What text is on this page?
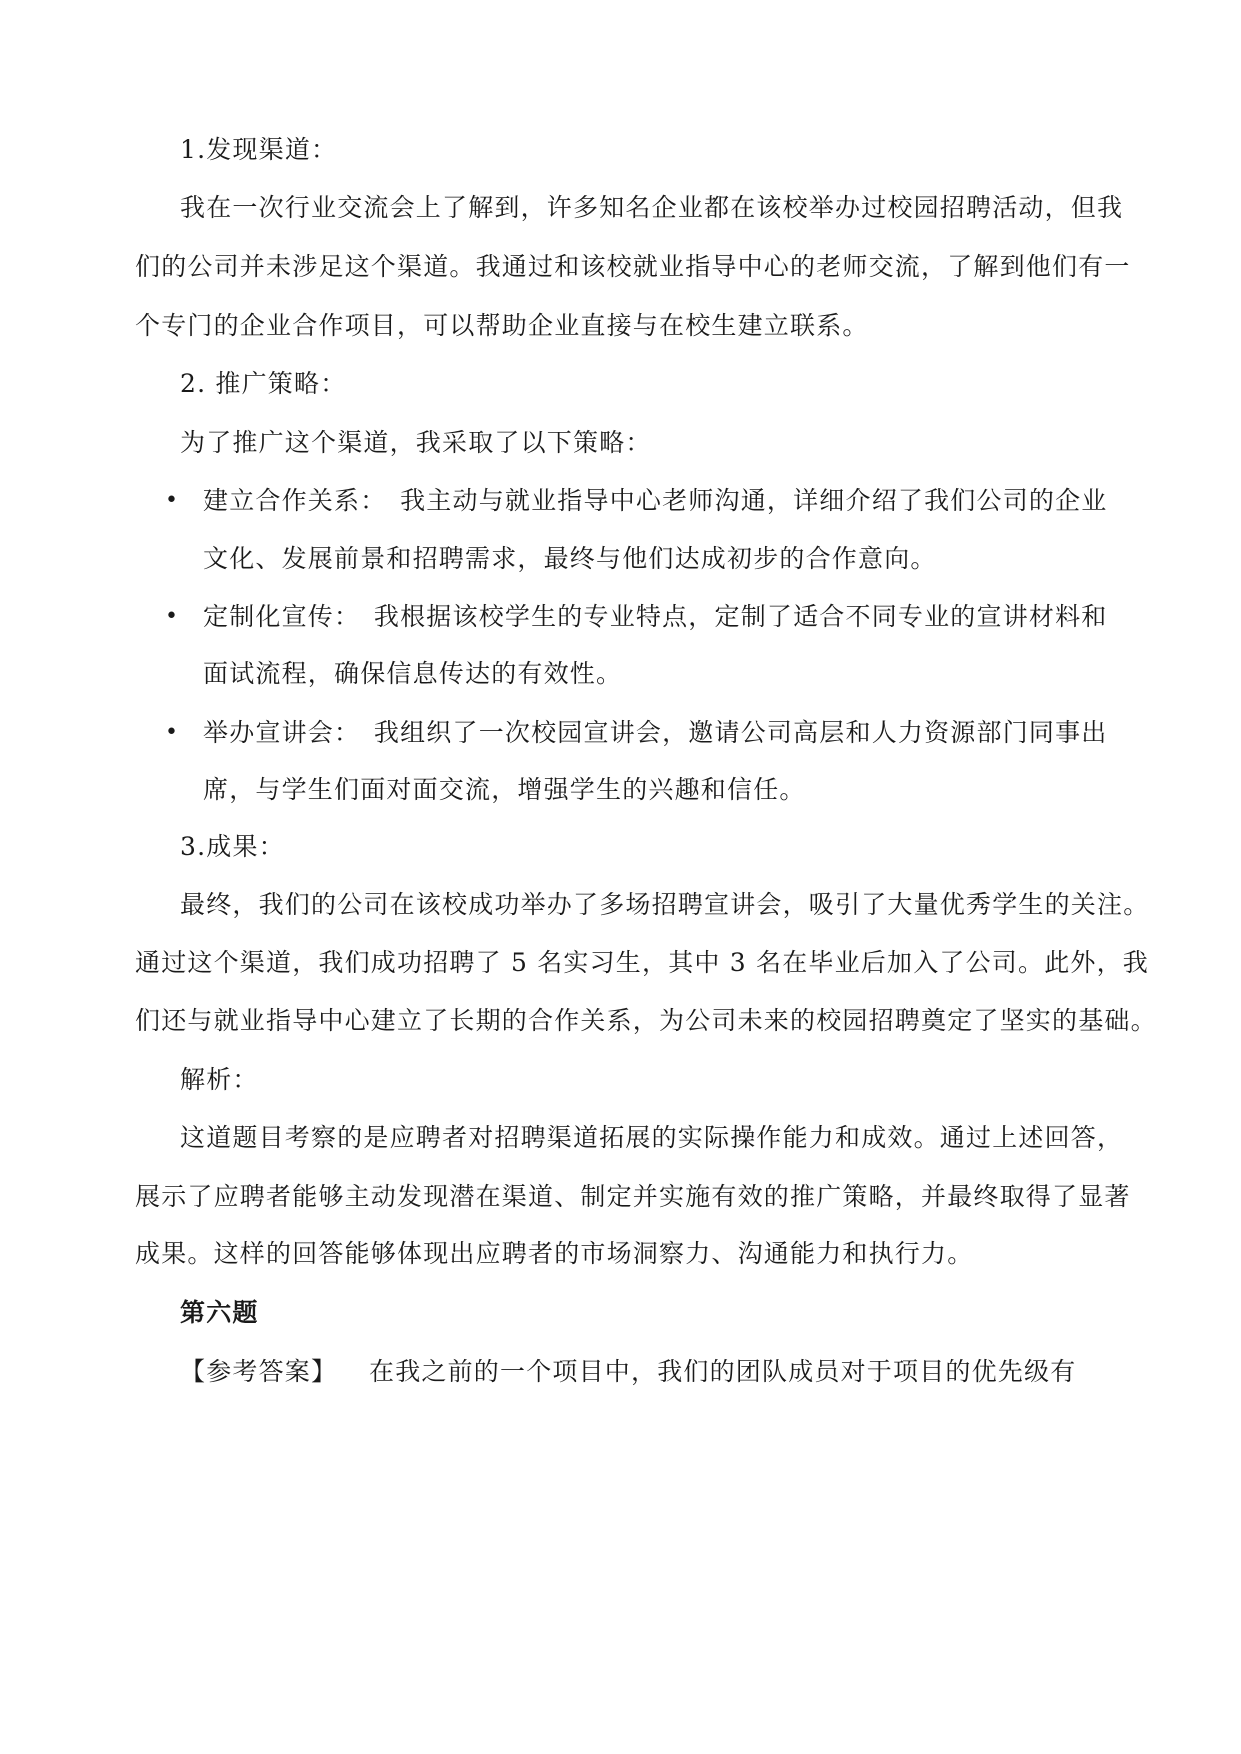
1.发现渠道：
我在一次行业交流会上了解到，许多知名企业都在该校举办过校园招聘活动，但我
们的公司并未涉足这个渠道。我通过和该校就业指导中心的老师交流，了解到他们有一
个专门的企业合作项目，可以帮助企业直接与在校生建立联系。
2. 推广策略：
为了推广这个渠道，我采取了以下策略：
• 建立合作关系：　我主动与就业指导中心老师沟通，详细介绍了我们公司的企业
文化、发展前景和招聘需求，最终与他们达成初步的合作意向。
• 定制化宣传：　我根据该校学生的专业特点，定制了适合不同专业的宣讲材料和
面试流程，确保信息传达的有效性。
• 举办宣讲会：　我组织了一次校园宣讲会，邀请公司高层和人力资源部门同事出
席，与学生们面对面交流，增强学生的兴趣和信任。
3.成果：
最终，我们的公司在该校成功举办了多场招聘宣讲会，吸引了大量优秀学生的关注。
通过这个渠道，我们成功招聘了 5 名实习生，其中 3 名在毕业后加入了公司。此外，我
们还与就业指导中心建立了长期的合作关系，为公司未来的校园招聘奠定了坚实的基础。
解析：
这道题目考察的是应聘者对招聘渠道拓展的实际操作能力和成效。通过上述回答，
展示了应聘者能够主动发现潜在渠道、制定并实施有效的推广策略，并最终取得了显著
成果。这样的回答能够体现出应聘者的市场洞察力、沟通能力和执行力。
第六题
【参考答案】 在我之前的一个项目中，我们的团队成员对于项目的优先级有
